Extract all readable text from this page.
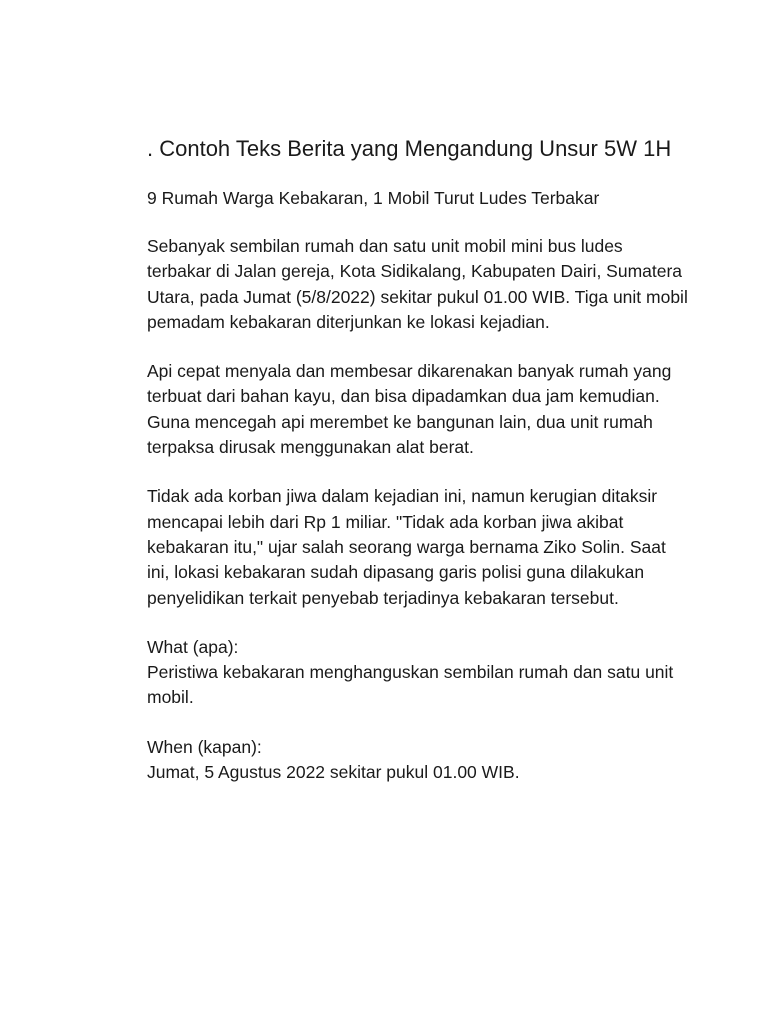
. Contoh Teks Berita yang Mengandung Unsur 5W 1H
9 Rumah Warga Kebakaran, 1 Mobil Turut Ludes Terbakar

Sebanyak sembilan rumah dan satu unit mobil mini bus ludes terbakar di Jalan gereja, Kota Sidikalang, Kabupaten Dairi, Sumatera Utara, pada Jumat (5/8/2022) sekitar pukul 01.00 WIB. Tiga unit mobil pemadam kebakaran diterjunkan ke lokasi kejadian.

Api cepat menyala dan membesar dikarenakan banyak rumah yang terbuat dari bahan kayu, dan bisa dipadamkan dua jam kemudian. Guna mencegah api merembet ke bangunan lain, dua unit rumah terpaksa dirusak menggunakan alat berat.

Tidak ada korban jiwa dalam kejadian ini, namun kerugian ditaksir mencapai lebih dari Rp 1 miliar. "Tidak ada korban jiwa akibat kebakaran itu," ujar salah seorang warga bernama Ziko Solin. Saat ini, lokasi kebakaran sudah dipasang garis polisi guna dilakukan penyelidikan terkait penyebab terjadinya kebakaran tersebut.

What (apa):
Peristiwa kebakaran menghanguskan sembilan rumah dan satu unit mobil.
When (kapan):
Jumat, 5 Agustus 2022 sekitar pukul 01.00 WIB.
